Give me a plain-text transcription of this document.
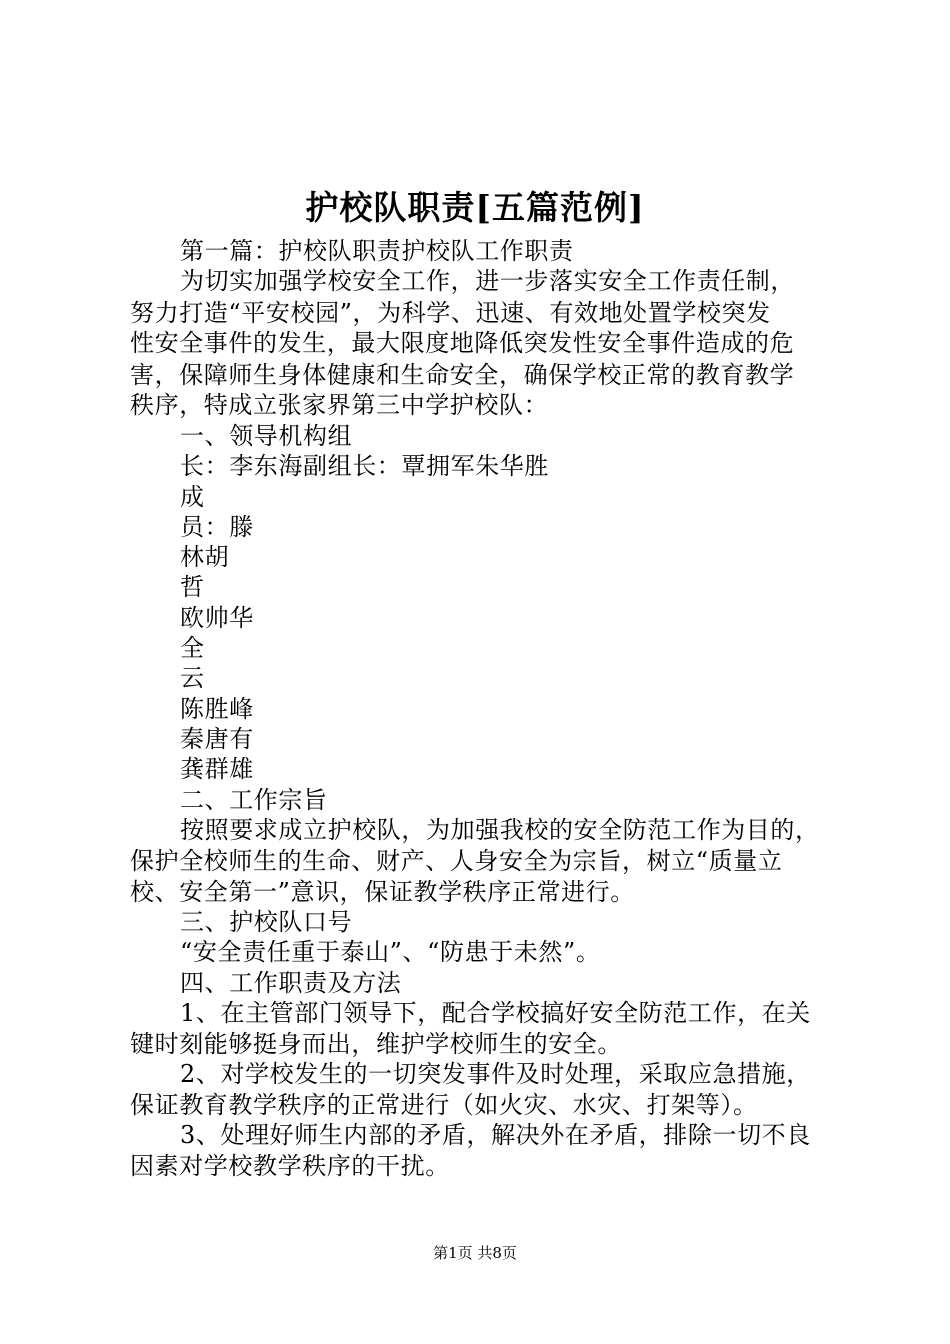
护校队职责[五篇范例]
第一篇：护校队职责护校队工作职责
为切实加强学校安全工作，进一步落实安全工作责任制，
努力打造“平安校园”，为科学、迅速、有效地处置学校突发
性安全事件的发生，最大限度地降低突发性安全事件造成的危
害，保障师生身体健康和生命安全，确保学校正常的教育教学
秩序，特成立张家界第三中学护校队：
一、领导机构组
长：李东海副组长：覃拥军朱华胜
成
员：滕
林胡
哲
欧帅华
全
云
陈胜峰
秦唐有
龚群雄
二、工作宗旨
按照要求成立护校队，为加强我校的安全防范工作为目的，
保护全校师生的生命、财产、人身安全为宗旨，树立“质量立
校、安全第一”意识，保证教学秩序正常进行。
三、护校队口号
“安全责任重于泰山”、“防患于未然”。
四、工作职责及方法
1、在主管部门领导下，配合学校搞好安全防范工作，在关
键时刻能够挺身而出，维护学校师生的安全。
2、对学校发生的一切突发事件及时处理，采取应急措施，
保证教育教学秩序的正常进行（如火灾、水灾、打架等）。
3、处理好师生内部的矛盾，解决外在矛盾，排除一切不良
因素对学校教学秩序的干扰。
第1页 共8页
